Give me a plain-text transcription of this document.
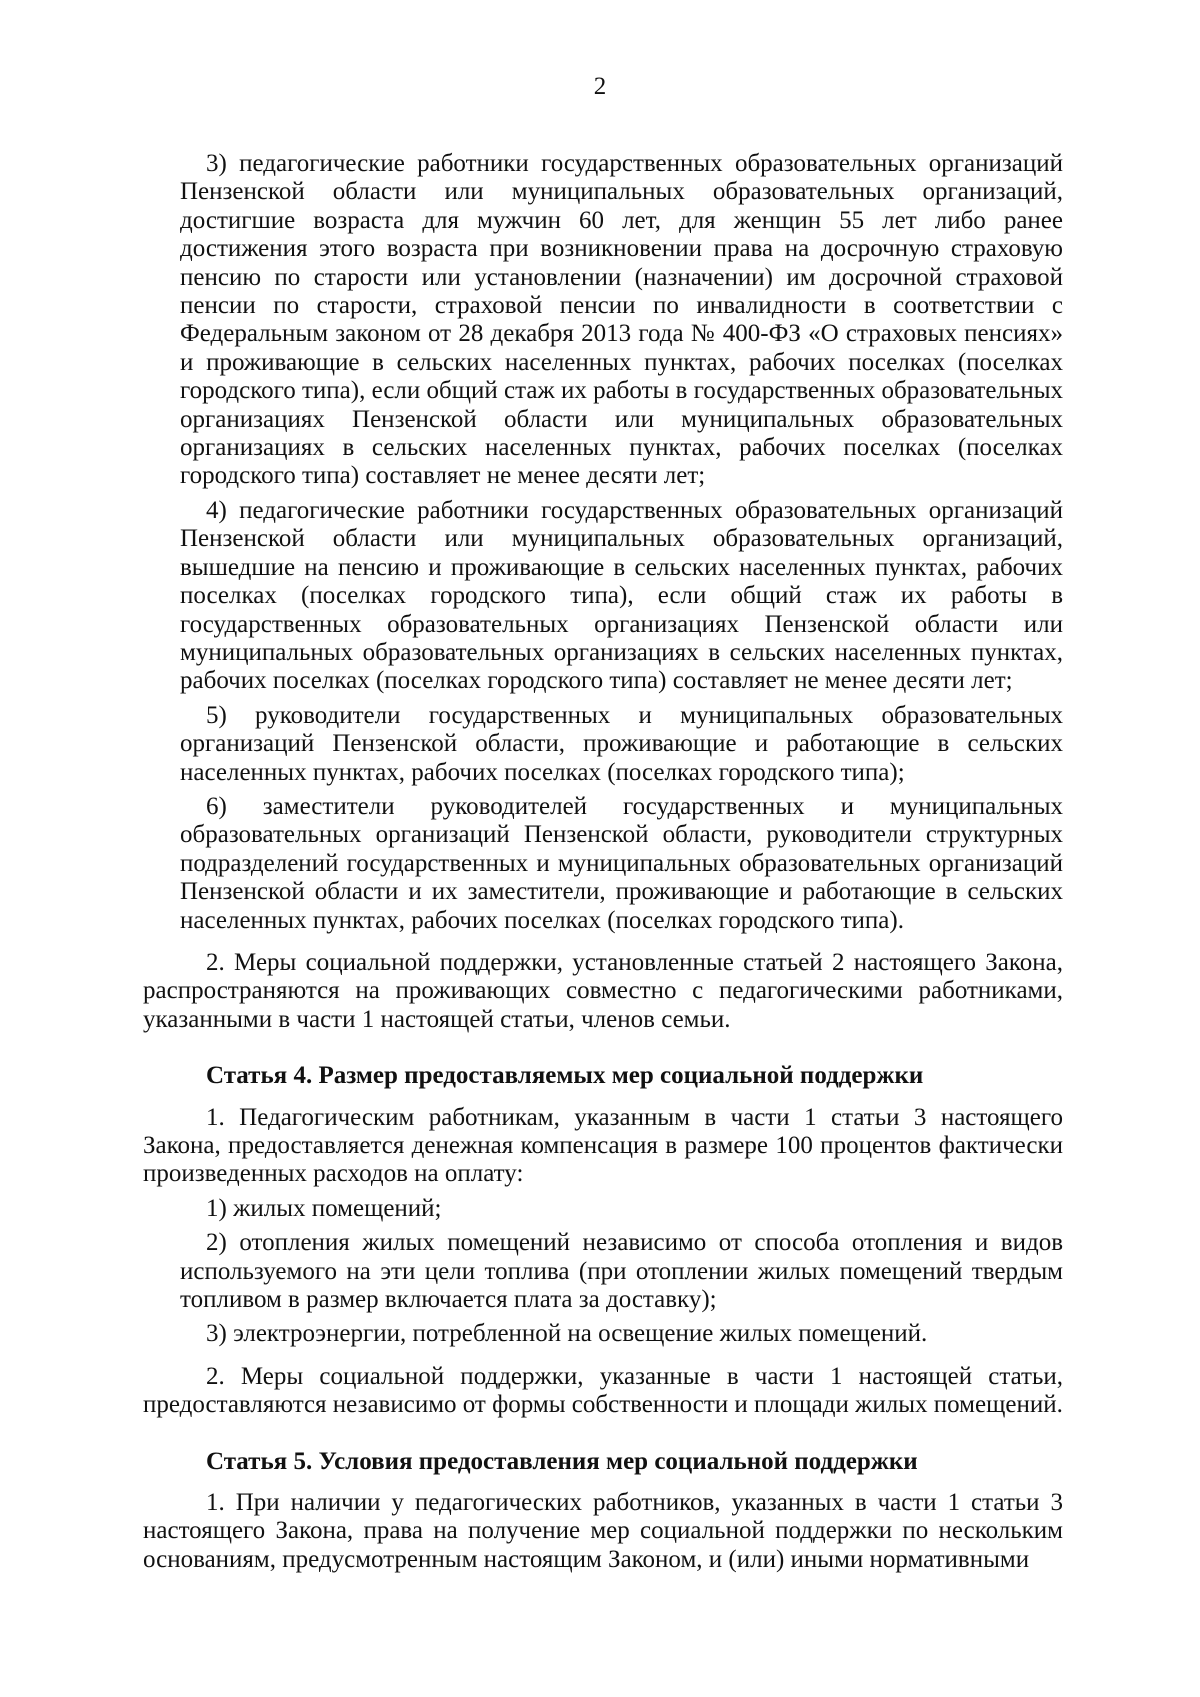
2

3) педагогические работники государственных образовательных организаций Пензенской области или муниципальных образовательных организаций, достигшие возраста для мужчин 60 лет, для женщин 55 лет либо ранее достижения этого возраста при возникновении права на досрочную страховую пенсию по старости или установлении (назначении) им досрочной страховой пенсии по старости, страховой пенсии по инвалидности в соответствии с Федеральным законом от 28 декабря 2013 года № 400-ФЗ «О страховых пенсиях» и проживающие в сельских населенных пунктах, рабочих поселках (поселках городского типа), если общий стаж их работы в государственных образовательных организациях Пензенской области или муниципальных образовательных организациях в сельских населенных пунктах, рабочих поселках (поселках городского типа) составляет не менее десяти лет;

4) педагогические работники государственных образовательных организаций Пензенской области или муниципальных образовательных организаций, вышедшие на пенсию и проживающие в сельских населенных пунктах, рабочих поселках (поселках городского типа), если общий стаж их работы в государственных образовательных организациях Пензенской области или муниципальных образовательных организациях в сельских населенных пунктах, рабочих поселках (поселках городского типа) составляет не менее десяти лет;

5) руководители государственных и муниципальных образовательных организаций Пензенской области, проживающие и работающие в сельских населенных пунктах, рабочих поселках (поселках городского типа);

6) заместители руководителей государственных и муниципальных образовательных организаций Пензенской области, руководители структурных подразделений государственных и муниципальных образовательных организаций Пензенской области и их заместители, проживающие и работающие в сельских населенных пунктах, рабочих поселках (поселках городского типа).

2. Меры социальной поддержки, установленные статьей 2 настоящего Закона, распространяются на проживающих совместно с педагогическими работниками, указанными в части 1 настоящей статьи, членов семьи.

Статья 4. Размер предоставляемых мер социальной поддержки

1. Педагогическим работникам, указанным в части 1 статьи 3 настоящего Закона, предоставляется денежная компенсация в размере 100 процентов фактически произведенных расходов на оплату:

1) жилых помещений;

2) отопления жилых помещений независимо от способа отопления и видов используемого на эти цели топлива (при отоплении жилых помещений твердым топливом в размер включается плата за доставку);

3) электроэнергии, потребленной на освещение жилых помещений.

2. Меры социальной поддержки, указанные в части 1 настоящей статьи, предоставляются независимо от формы собственности и площади жилых помещений.

Статья 5. Условия предоставления мер социальной поддержки

1. При наличии у педагогических работников, указанных в части 1 статьи 3 настоящего Закона, права на получение мер социальной поддержки по нескольким основаниям, предусмотренным настоящим Законом, и (или) иными нормативными
